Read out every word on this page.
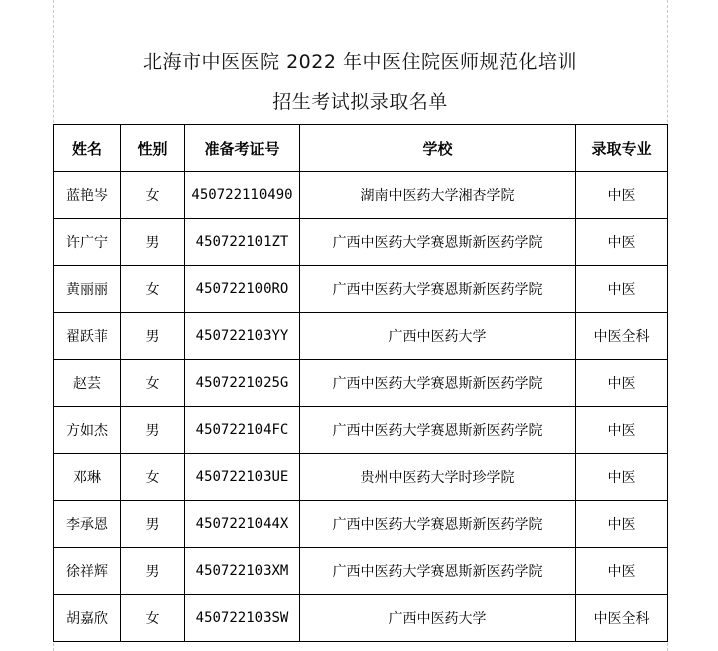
北海市中医医院 2022 年中医住院医师规范化培训
招生考试拟录取名单
姓名	性别	准备考证号	学校	录取专业
蓝艳岑	女	450722110490	湖南中医药大学湘杏学院	中医
许广宁	男	450722101ZT	广西中医药大学赛恩斯新医药学院	中医
黄丽丽	女	450722100RO	广西中医药大学赛恩斯新医药学院	中医
翟跃菲	男	450722103YY	广西中医药大学	中医全科
赵芸	女	4507221025G	广西中医药大学赛恩斯新医药学院	中医
方如杰	男	450722104FC	广西中医药大学赛恩斯新医药学院	中医
邓琳	女	450722103UE	贵州中医药大学时珍学院	中医
李承恩	男	4507221044X	广西中医药大学赛恩斯新医药学院	中医
徐祥辉	男	450722103XM	广西中医药大学赛恩斯新医药学院	中医
胡嘉欣	女	450722103SW	广西中医药大学	中医全科
